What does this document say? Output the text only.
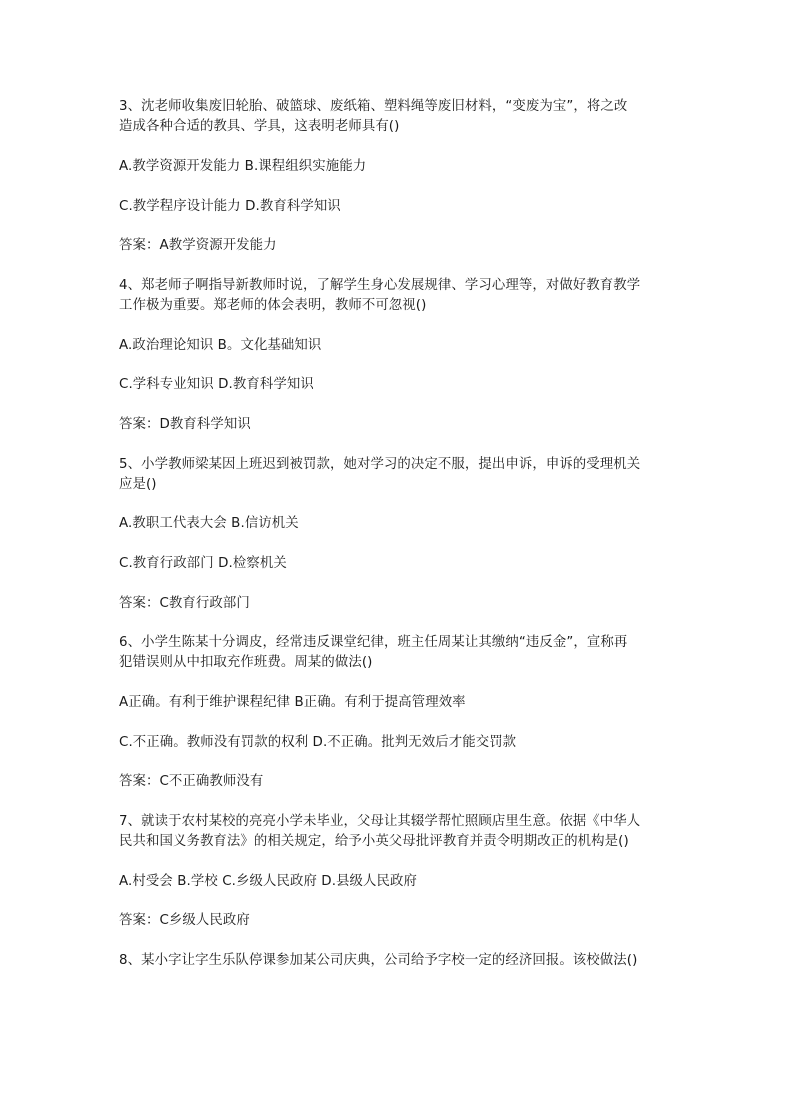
3、沈老师收集废旧轮胎、破篮球、废纸箱、塑料绳等废旧材料，“变废为宝”，将之改
造成各种合适的教具、学具，这表明老师具有()
A.教学资源开发能力 B.课程组织实施能力
C.教学程序设计能力 D.教育科学知识
答案：A教学资源开发能力
4、郑老师子啊指导新教师时说，了解学生身心发展规律、学习心理等，对做好教育教学
工作极为重要。郑老师的体会表明，教师不可忽视()
A.政治理论知识 B。文化基础知识
C.学科专业知识 D.教育科学知识
答案：D教育科学知识
5、小学教师梁某因上班迟到被罚款，她对学习的决定不服，提出申诉，申诉的受理机关
应是()
A.教职工代表大会 B.信访机关
C.教育行政部门 D.检察机关
答案：C教育行政部门
6、小学生陈某十分调皮，经常违反课堂纪律，班主任周某让其缴纳“违反金”，宣称再
犯错误则从中扣取充作班费。周某的做法()
A正确。有利于维护课程纪律 B正确。有利于提高管理效率
C.不正确。教师没有罚款的权利 D.不正确。批判无效后才能交罚款
答案：C不正确教师没有
7、就读于农村某校的亮亮小学未毕业，父母让其辍学帮忙照顾店里生意。依据《中华人
民共和国义务教育法》的相关规定，给予小英父母批评教育并责令明期改正的机构是()
A.村受会 B.学校 C.乡级人民政府 D.县级人民政府
答案：C乡级人民政府
8、某小字让字生乐队停课参加某公司庆典，公司给予字校一定的经济回报。该校做法()
